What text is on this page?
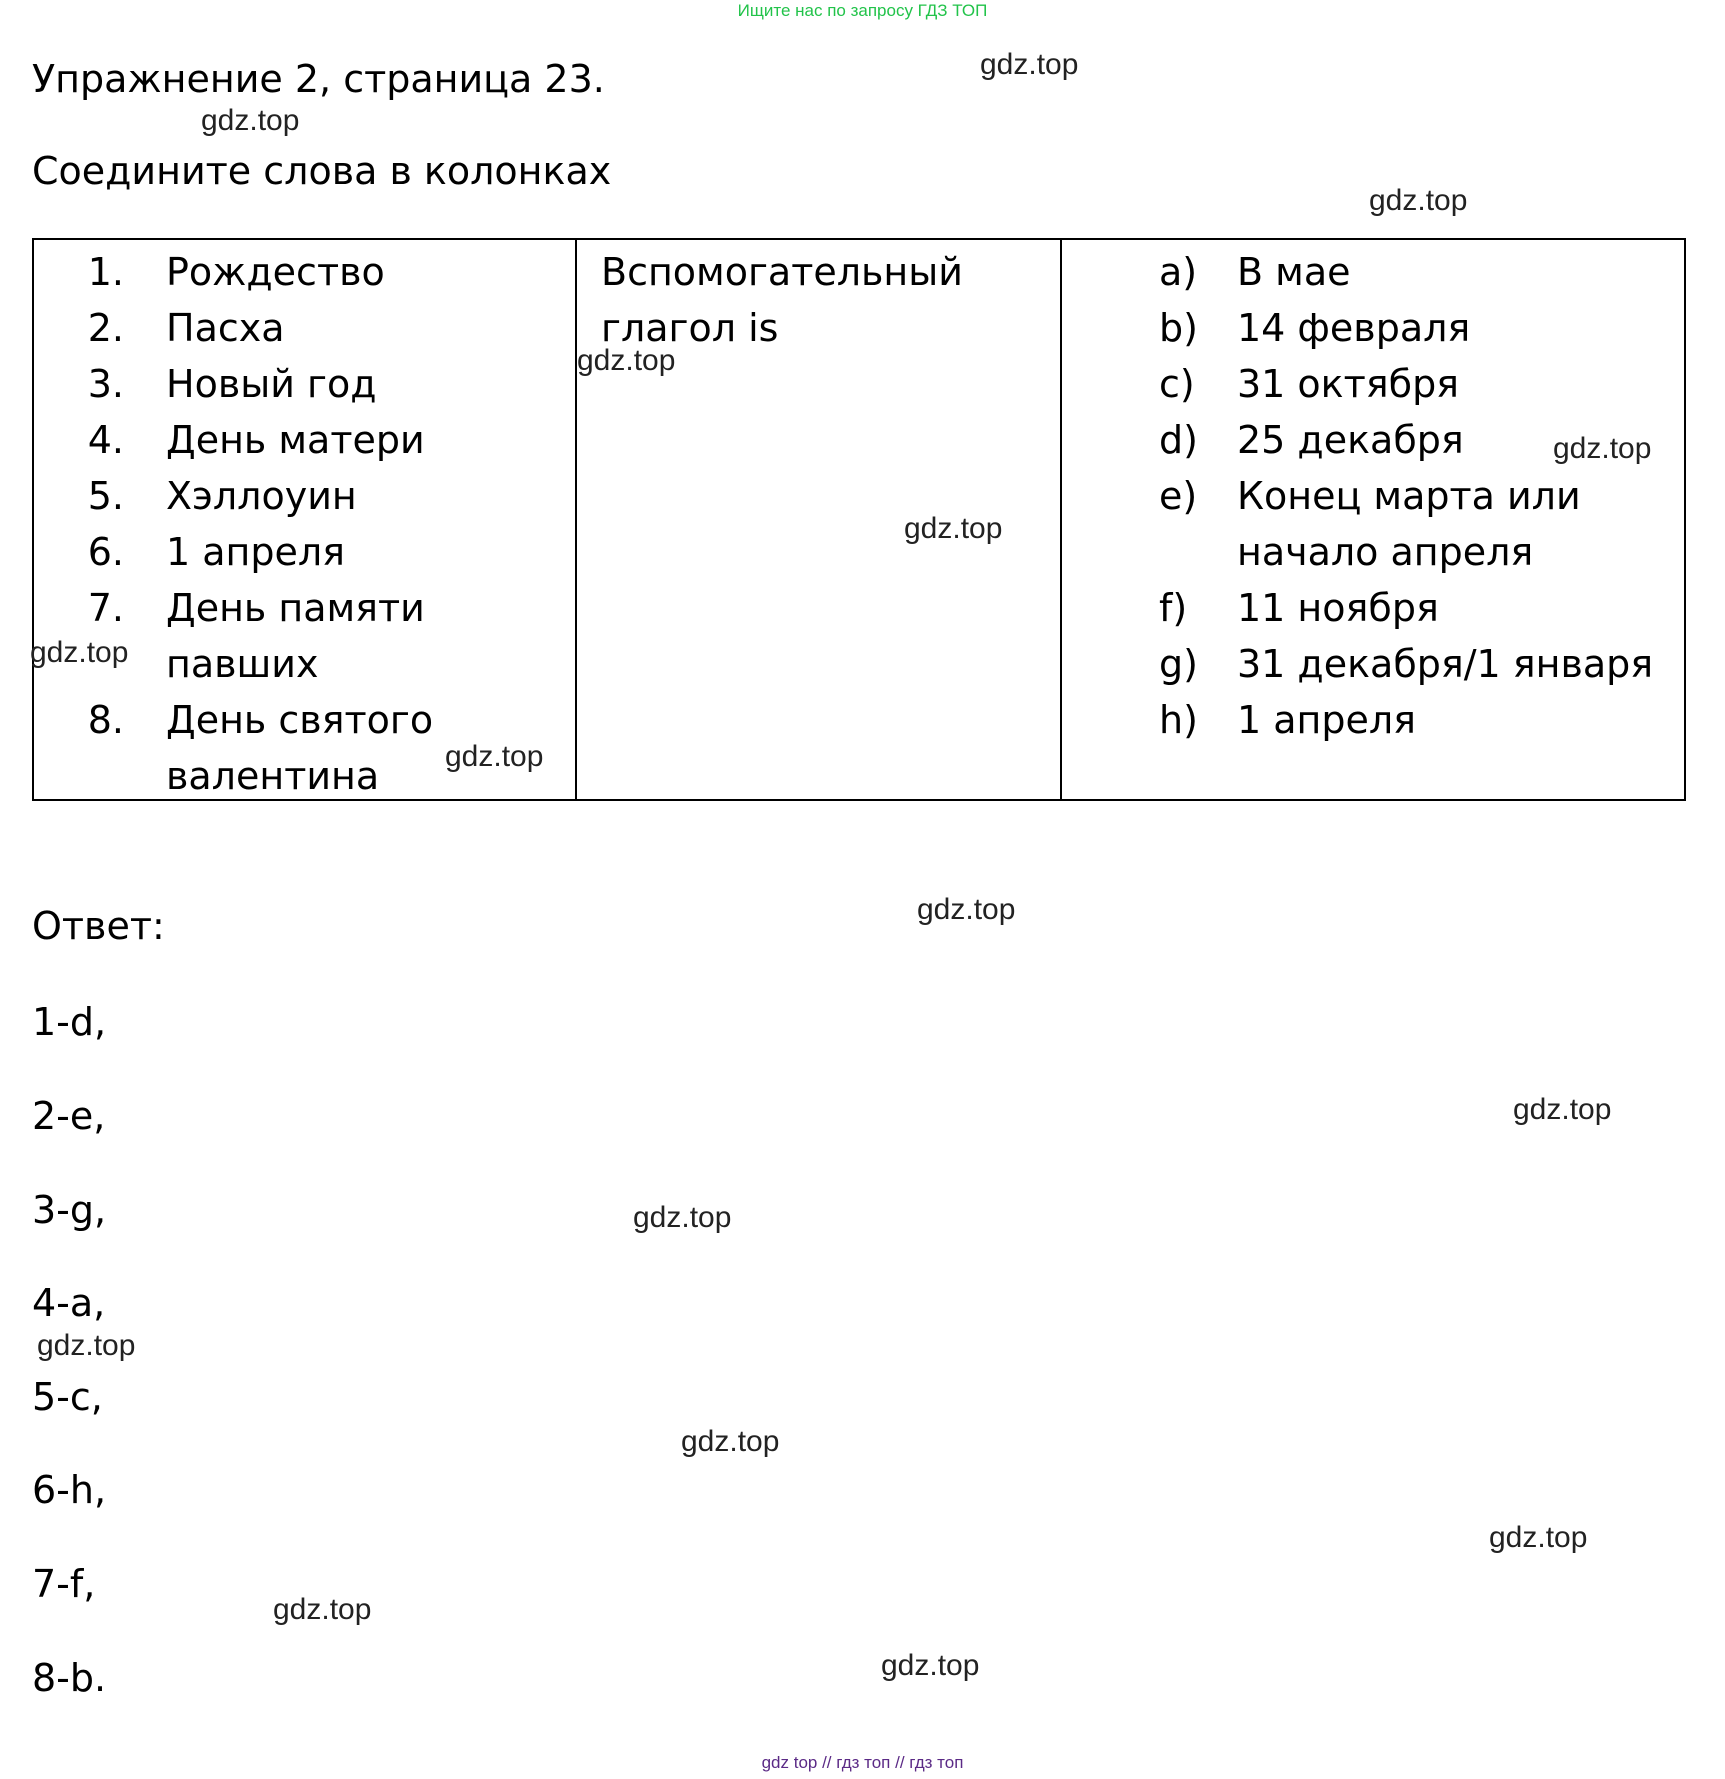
Ищите нас по запросу ГДЗ ТОП
Упражнение 2, страница 23.
Соедините слова в колонках
1. Рождество
2. Пасха
3. Новый год
4. День матери
5. Хэллоуин
6. 1 апреля
7. День памяти
павших
8. День святого
валентина
Вспомогательный
глагол is
a) В мае
b) 14 февраля
c) 31 октября
d) 25 декабря
e) Конец марта или
начало апреля
f) 11 ноября
g) 31 декабря/1 января
h) 1 апреля
Ответ:
1-d,
2-e,
3-g,
4-a,
5-c,
6-h,
7-f,
8-b.
gdz.top
gdz.top
gdz.top
gdz.top
gdz.top
gdz.top
gdz.top
gdz.top
gdz.top
gdz.top
gdz.top
gdz.top
gdz.top
gdz.top
gdz.top
gdz.top
gdz top // гдз топ // гдз топ
